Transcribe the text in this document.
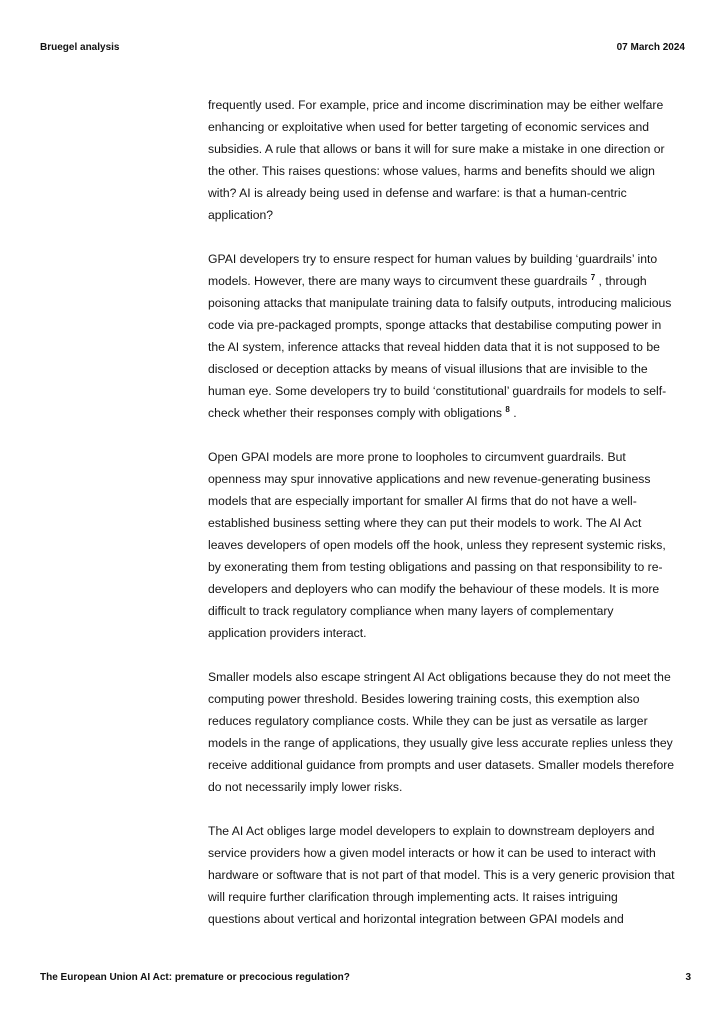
Bruegel analysis	07 March 2024

frequently used. For example, price and income discrimination may be either welfare
enhancing or exploitative when used for better targeting of economic services and
subsidies. A rule that allows or bans it will for sure make a mistake in one direction or
the other. This raises questions: whose values, harms and benefits should we align
with? AI is already being used in defense and warfare: is that a human-centric
application?

GPAI developers try to ensure respect for human values by building ‘guardrails’ into
models. However, there are many ways to circumvent these guardrails $^7$ , through
poisoning attacks that manipulate training data to falsify outputs, introducing malicious
code via pre-packaged prompts, sponge attacks that destabilise computing power in
the AI system, inference attacks that reveal hidden data that it is not supposed to be
disclosed or deception attacks by means of visual illusions that are invisible to the
human eye. Some developers try to build ‘constitutional’ guardrails for models to self-
check whether their responses comply with obligations $^8$ .

Open GPAI models are more prone to loopholes to circumvent guardrails. But
openness may spur innovative applications and new revenue-generating business
models that are especially important for smaller AI firms that do not have a well-
established business setting where they can put their models to work. The AI Act
leaves developers of open models off the hook, unless they represent systemic risks,
by exonerating them from testing obligations and passing on that responsibility to re-
developers and deployers who can modify the behaviour of these models. It is more
difficult to track regulatory compliance when many layers of complementary
application providers interact.

Smaller models also escape stringent AI Act obligations because they do not meet the
computing power threshold. Besides lowering training costs, this exemption also
reduces regulatory compliance costs. While they can be just as versatile as larger
models in the range of applications, they usually give less accurate replies unless they
receive additional guidance from prompts and user datasets. Smaller models therefore
do not necessarily imply lower risks.

The AI Act obliges large model developers to explain to downstream deployers and
service providers how a given model interacts or how it can be used to interact with
hardware or software that is not part of that model. This is a very generic provision that
will require further clarification through implementing acts. It raises intriguing
questions about vertical and horizontal integration between GPAI models and

The European Union AI Act: premature or precocious regulation?	3
